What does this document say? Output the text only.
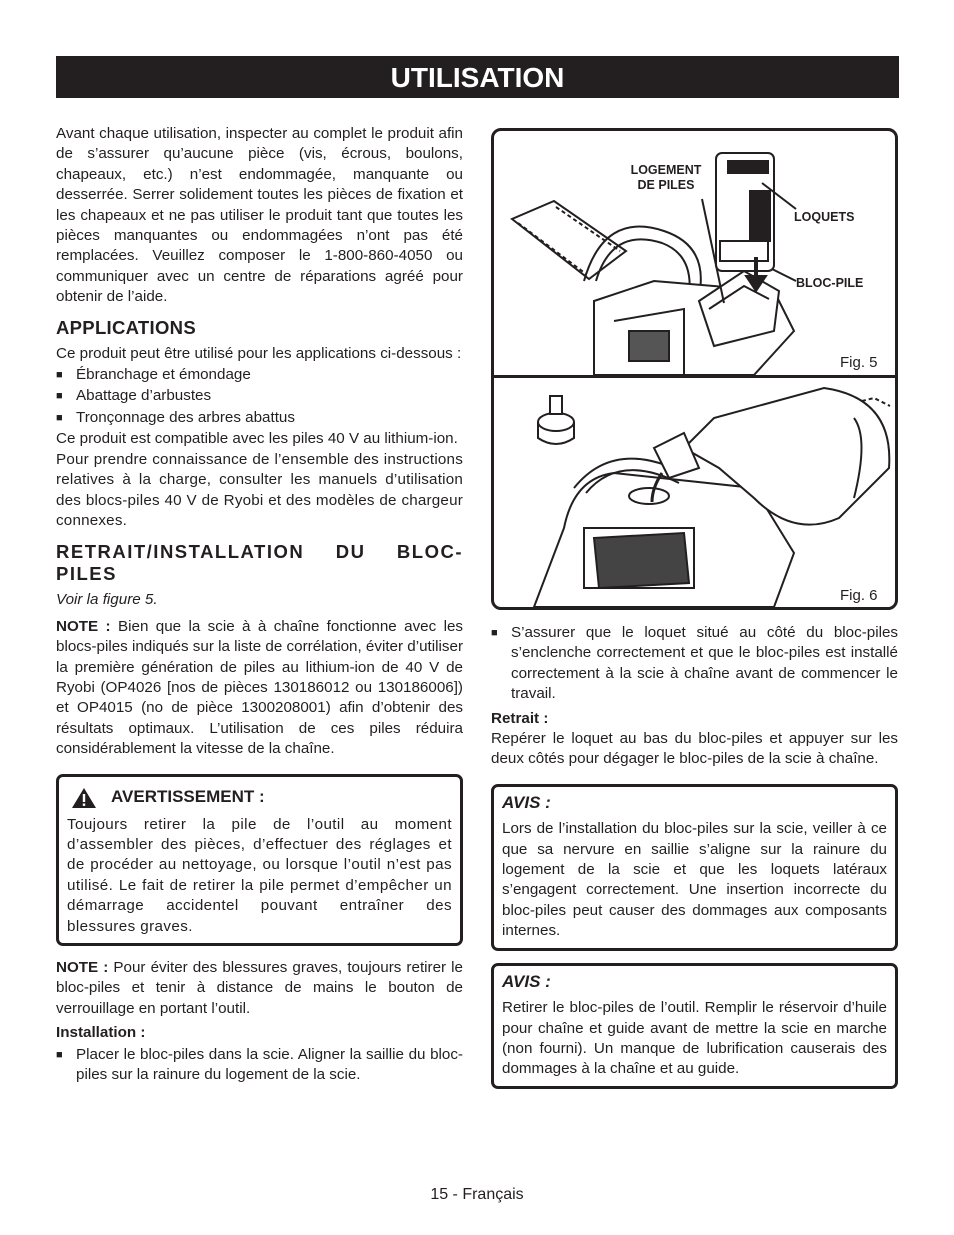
UTILISATION

Avant chaque utilisation, inspecter au complet le produit afin de s’assurer qu’aucune pièce (vis, écrous, boulons, chapeaux, etc.) n’est endommagée, manquante ou desserrée. Serrer solidement toutes les pièces de fixation et les chapeaux et ne pas utiliser le produit tant que toutes les pièces manquantes ou endommagées n’ont pas été remplacées. Veuillez composer le 1-800-860-4050 ou communiquer avec un centre de réparations agréé pour obtenir de l’aide.

APPLICATIONS

Ce produit peut être utilisé pour les applications ci-dessous :

■ Ébranchage et émondage
■ Abattage d’arbustes
■ Tronçonnage des arbres abattus

Ce produit est compatible avec les piles 40 V au lithium-ion.

Pour prendre connaissance de l’ensemble des instructions relatives à la charge, consulter les manuels d’utilisation des blocs-piles 40 V de Ryobi et des modèles de chargeur connexes.

RETRAIT/INSTALLATION DU BLOC-PILES

Voir la figure 5.

NOTE : Bien que la scie à à chaîne fonctionne avec les blocs-piles indiqués sur la liste de corrélation, éviter d’utiliser la première génération de piles au lithium-ion de 40 V de Ryobi (OP4026 [nos de pièces 130186012 ou 130186006]) et OP4015 (no de pièce 1300208001) afin d’obtenir des résultats optimaux. L’utilisation de ces piles réduira considérablement la vitesse de la chaîne.

AVERTISSEMENT :

Toujours retirer la pile de l’outil au moment d’assembler des pièces, d’effectuer des réglages et de procéder au nettoyage, ou lorsque l’outil n’est pas utilisé. Le fait de retirer la pile permet d’empêcher un démarrage accidentel pouvant entraîner des blessures graves.

NOTE : Pour éviter des blessures graves, toujours retirer le bloc-piles et tenir à distance de mains le bouton de verrouillage en portant l’outil.

Installation :

■ Placer le bloc-piles dans la scie. Aligner la saillie du bloc-piles sur la rainure du logement de la scie.
LOGEMENT DE PILES
LOQUETS
BLOC-PILE
Fig. 5
Fig. 6
■ S’assurer que le loquet situé au côté du bloc-piles s’enclenche correctement et que le bloc-piles est installé correctement à la scie à chaîne avant de commencer le travail.

Retrait :

Repérer le loquet au bas du bloc-piles et appuyer sur les deux côtés pour dégager le bloc-piles de la scie à chaîne.

AVIS :

Lors de l’installation du bloc-piles sur la scie, veiller à ce que sa nervure en saillie s’aligne sur la rainure du logement de la scie et que les loquets latéraux s’engagent correctement. Une insertion incorrecte du bloc-piles peut causer des dommages aux composants internes.

AVIS :

Retirer le bloc-piles de l’outil. Remplir le réservoir d’huile pour chaîne et guide avant de mettre la scie en marche (non fourni). Un manque de lubrification causerais des dommages à la chaîne et au guide.

15 - Français
